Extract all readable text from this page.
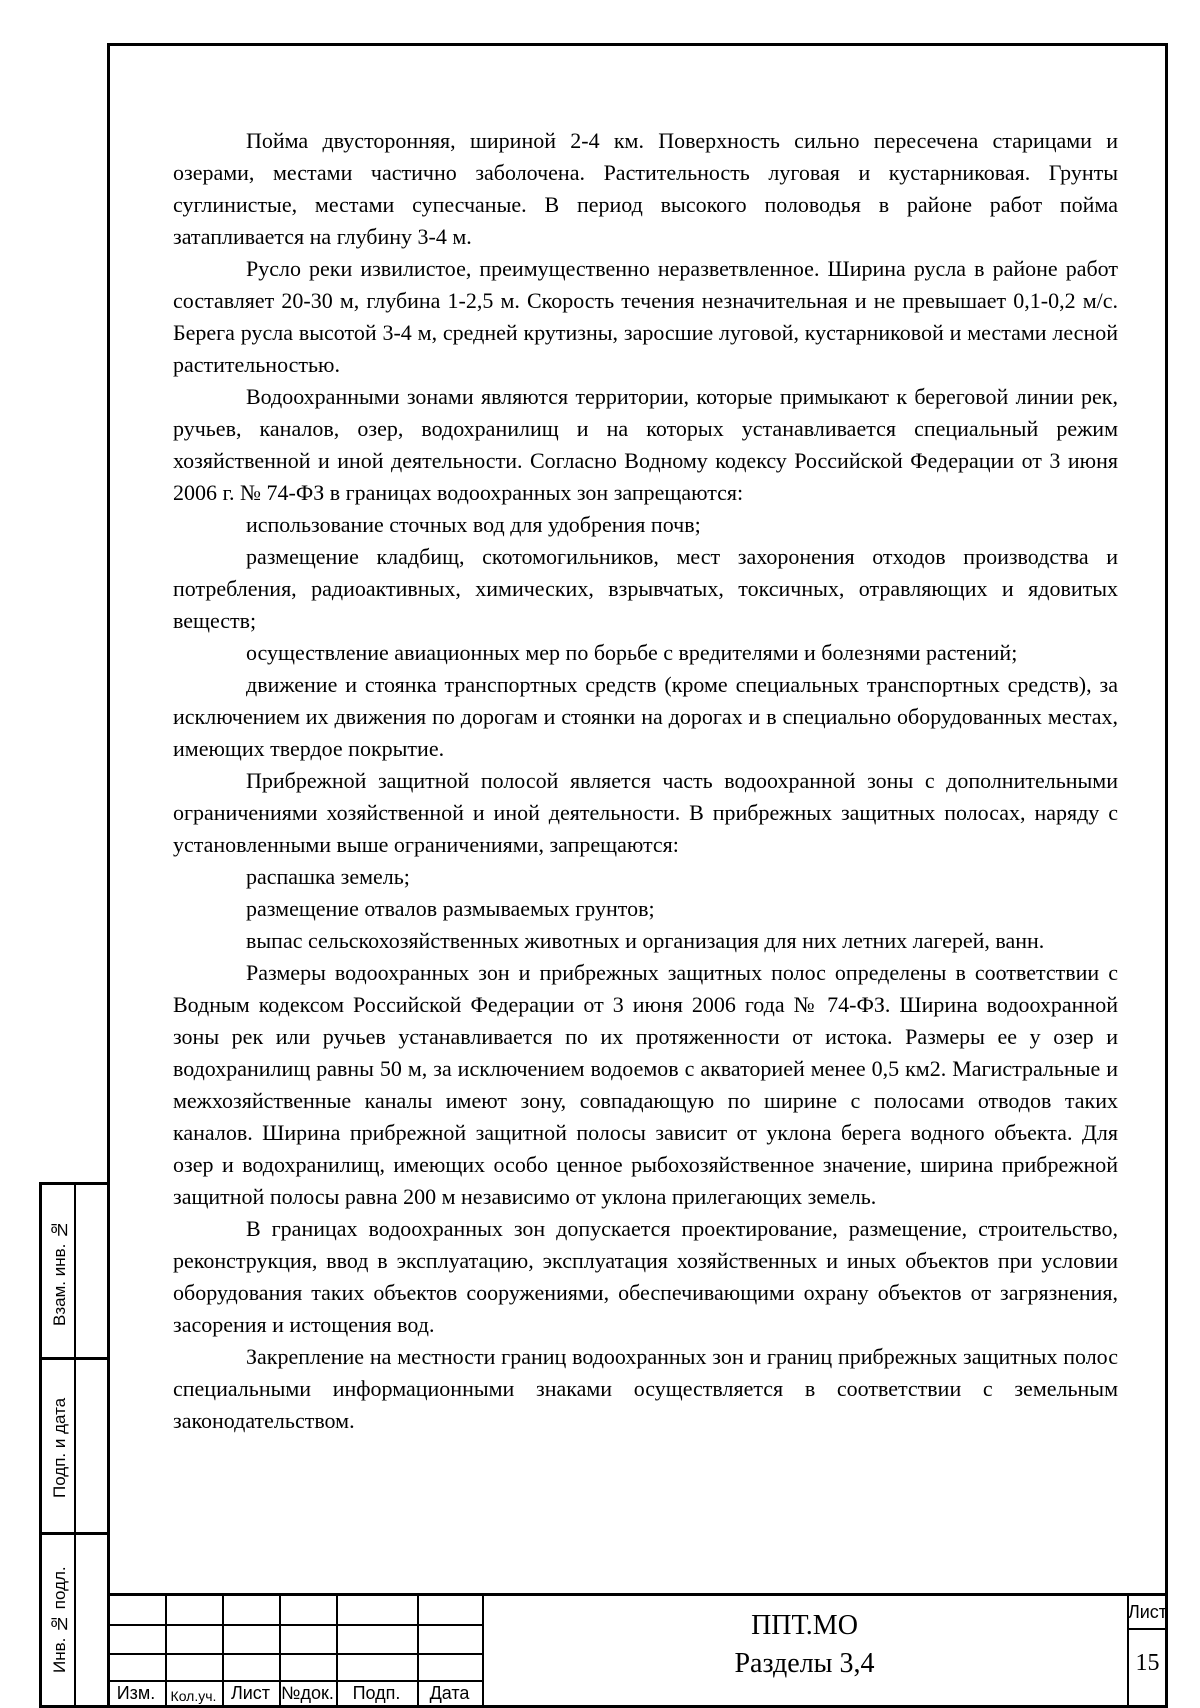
Пойма двусторонняя, шириной 2-4 км. Поверхность сильно пересечена старицами и озерами, местами частично заболочена. Растительность луговая и кустарниковая. Грунты суглинистые, местами супесчаные. В период высокого половодья в районе работ пойма затапливается на глубину 3-4 м.

Русло реки извилистое, преимущественно неразветвленное. Ширина русла в районе работ составляет 20-30 м, глубина 1-2,5 м. Скорость течения незначительная и не превышает 0,1-0,2 м/с. Берега русла высотой 3-4 м, средней крутизны, заросшие луговой, кустарниковой и местами лесной растительностью.

Водоохранными зонами являются территории, которые примыкают к береговой линии рек, ручьев, каналов, озер, водохранилищ и на которых устанавливается специальный режим хозяйственной и иной деятельности. Согласно Водному кодексу Российской Федерации от 3 июня 2006 г. № 74-ФЗ в границах водоохранных зон запрещаются:

использование сточных вод для удобрения почв;

размещение кладбищ, скотомогильников, мест захоронения отходов производства и потребления, радиоактивных, химических, взрывчатых, токсичных, отравляющих и ядовитых веществ;

осуществление авиационных мер по борьбе с вредителями и болезнями растений;

движение и стоянка транспортных средств (кроме специальных транспортных средств), за исключением их движения по дорогам и стоянки на дорогах и в специально оборудованных местах, имеющих твердое покрытие.

Прибрежной защитной полосой является часть водоохранной зоны с дополнительными ограничениями хозяйственной и иной деятельности. В прибрежных защитных полосах, наряду с установленными выше ограничениями, запрещаются:

распашка земель;

размещение отвалов размываемых грунтов;

выпас сельскохозяйственных животных и организация для них летних лагерей, ванн.

Размеры водоохранных зон и прибрежных защитных полос определены в соответствии с Водным кодексом Российской Федерации от 3 июня 2006 года № 74-ФЗ. Ширина водоохранной зоны рек или ручьев устанавливается по их протяженности от истока. Размеры ее у озер и водохранилищ равны 50 м, за исключением водоемов с акваторией менее 0,5 км2. Магистральные и межхозяйственные каналы имеют зону, совпадающую по ширине с полосами отводов таких каналов. Ширина прибрежной защитной полосы зависит от уклона берега водного объекта. Для озер и водохранилищ, имеющих особо ценное рыбохозяйственное значение, ширина прибрежной защитной полосы равна 200 м независимо от уклона прилегающих земель.

В границах водоохранных зон допускается проектирование, размещение, строительство, реконструкция, ввод в эксплуатацию, эксплуатация хозяйственных и иных объектов при условии оборудования таких объектов сооружениями, обеспечивающими охрану объектов от загрязнения, засорения и истощения вод.

Закрепление на местности границ водоохранных зон и границ прибрежных защитных полос специальными информационными знаками осуществляется в соответствии с земельным законодательством.

Взам. инв. №
Подп. и дата
Инв. № подл.
Изм.	Кол.уч. Лист №док.	Подп.	Дата
ППТ.МО
Разделы 3,4
Лист
15
